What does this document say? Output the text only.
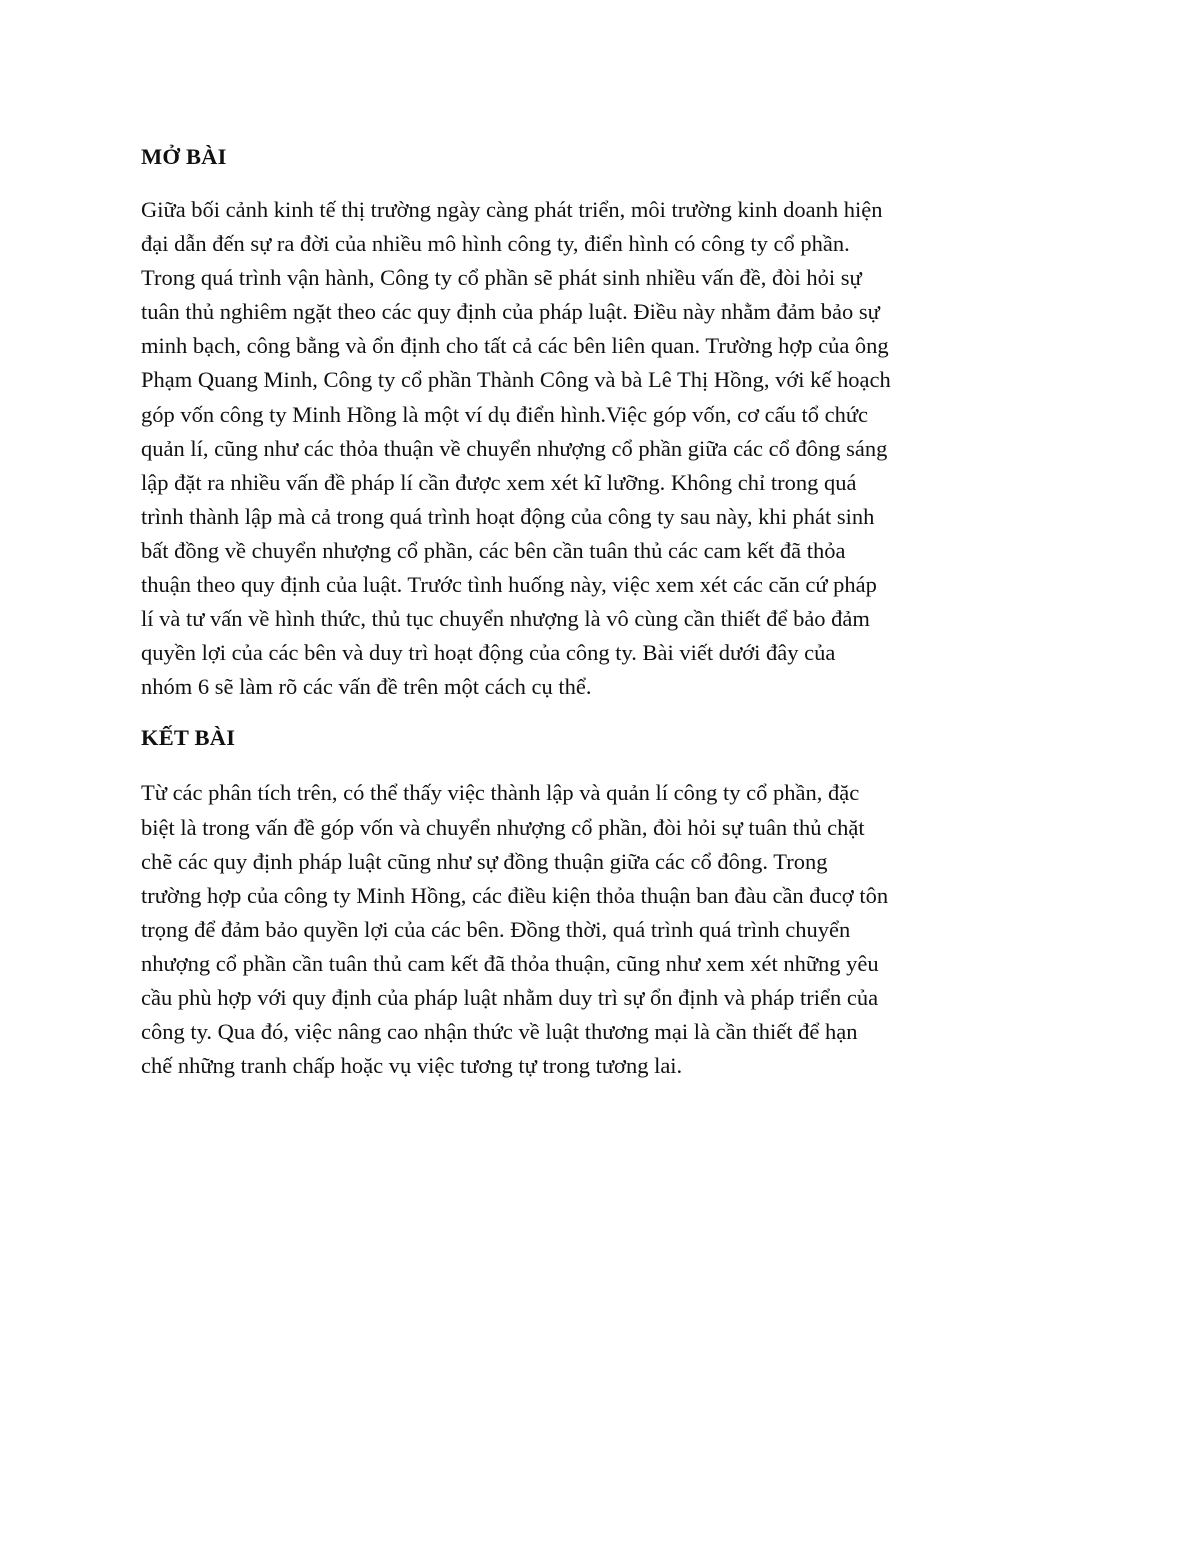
MỞ BÀI
Giữa bối cảnh kinh tế thị trường ngày càng phát triển, môi trường kinh doanh hiện
đại dẫn đến sự ra đời của nhiều mô hình công ty, điển hình có công ty cổ phần.
Trong quá trình vận hành, Công ty cổ phần sẽ phát sinh nhiều vấn đề, đòi hỏi sự
tuân thủ nghiêm ngặt theo các quy định của pháp luật. Điều này nhằm đảm bảo sự
minh bạch, công bằng và ổn định cho tất cả các bên liên quan. Trường hợp của ông
Phạm Quang Minh, Công ty cổ phần Thành Công và bà Lê Thị Hồng, với kế hoạch
góp vốn công ty Minh Hồng là một ví dụ điển hình.Việc góp vốn, cơ cấu tổ chức
quản lí, cũng như các thỏa thuận về chuyển nhượng cổ phần giữa các cổ đông sáng
lập đặt ra nhiều vấn đề pháp lí cần được xem xét kĩ lưỡng. Không chỉ trong quá
trình thành lập mà cả trong quá trình hoạt động của công ty sau này, khi phát sinh
bất đồng về chuyển nhượng cổ phần, các bên cần tuân thủ các cam kết đã thỏa
thuận theo quy định của luật. Trước tình huống này, việc xem xét các căn cứ pháp
lí và tư vấn về hình thức, thủ tục chuyển nhượng là vô cùng cần thiết để bảo đảm
quyền lợi của các bên và duy trì hoạt động của công ty. Bài viết dưới đây của
nhóm 6 sẽ làm rõ các vấn đề trên một cách cụ thể.
KẾT BÀI
Từ các phân tích trên, có thể thấy việc thành lập và quản lí công ty cổ phần, đặc
biệt là trong vấn đề góp vốn và chuyển nhượng cổ phần, đòi hỏi sự tuân thủ chặt
chẽ các quy định pháp luật cũng như sự đồng thuận giữa các cổ đông. Trong
trường hợp của công ty Minh Hồng, các điều kiện thỏa thuận ban đàu cần đucợ tôn
trọng để đảm bảo quyền lợi của các bên. Đồng thời, quá trình quá trình chuyển
nhượng cổ phần cần tuân thủ cam kết đã thỏa thuận, cũng như xem xét những yêu
cầu phù hợp với quy định của pháp luật nhằm duy trì sự ổn định và pháp triển của
công ty. Qua đó, việc nâng cao nhận thức về luật thương mại là cần thiết để hạn
chế những tranh chấp hoặc vụ việc tương tự trong tương lai.
